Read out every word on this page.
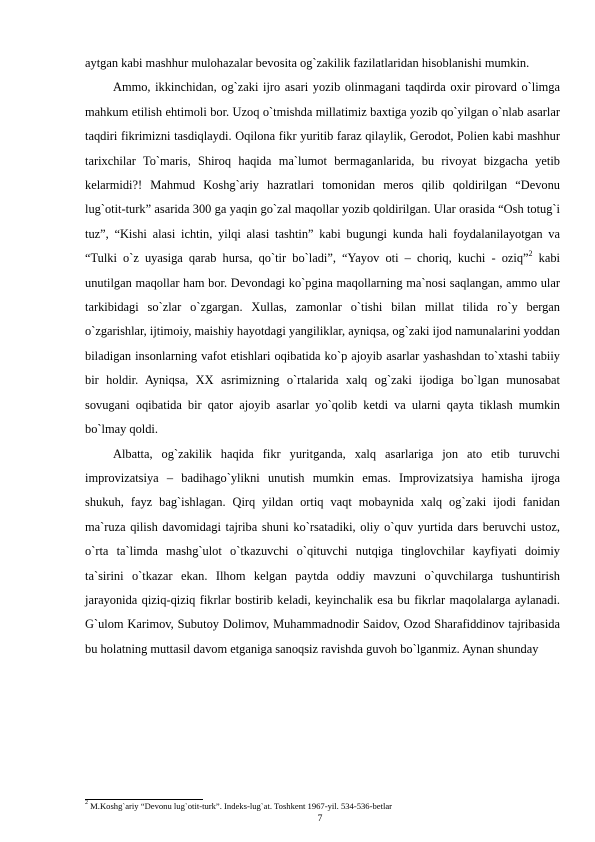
aytgan kabi mashhur mulohazalar bevosita og`zakilik fazilatlaridan hisoblanishi mumkin.

Ammo, ikkinchidan, og`zaki ijro asari yozib olinmagani taqdirda oxir pirovard o`limga mahkum etilish ehtimoli bor. Uzoq o`tmishda millatimiz baxtiga yozib qo`yilgan o`nlab asarlar taqdiri fikrimizni tasdiqlaydi. Oqilona fikr yuritib faraz qilaylik, Gerodot, Polien kabi mashhur tarixchilar To`maris, Shiroq haqida ma`lumot bermaganlarida, bu rivoyat bizgacha yetib kelarmidi?! Mahmud Koshg`ariy hazratlari tomonidan meros qilib qoldirilgan “Devonu lug`otit-turk” asarida 300 ga yaqin go`zal maqollar yozib qoldirilgan. Ular orasida “Osh totug`i tuz”, “Kishi alasi ichtin, yilqi alasi tashtin” kabi bugungi kunda hali foydalanilayotgan va “Tulki o`z uyasiga qarab hursa, qo`tir bo`ladi”, “Yayov oti – choriq, kuchi - oziq”$^2$ kabi unutilgan maqollar ham bor. Devondagi ko`pgina maqollarning ma`nosi saqlangan, ammo ular tarkibidagi so`zlar o`zgargan. Xullas, zamonlar o`tishi bilan millat tilida ro`y bergan o`zgarishlar, ijtimoiy, maishiy hayotdagi yangiliklar, ayniqsa, og`zaki ijod namunalarini yoddan biladigan insonlarning vafot etishlari oqibatida ko`p ajoyib asarlar yashashdan to`xtashi tabiiy bir holdir. Ayniqsa, XX asrimizning o`rtalarida xalq og`zaki ijodiga bo`lgan munosabat sovugani oqibatida bir qator ajoyib asarlar yo`qolib ketdi va ularni qayta tiklash mumkin bo`lmay qoldi.

Albatta, og`zakilik haqida fikr yuritganda, xalq asarlariga jon ato etib turuvchi improvizatsiya – badihago`ylikni unutish mumkin emas. Improvizatsiya hamisha ijroga shukuh, fayz bag`ishlagan. Qirq yildan ortiq vaqt mobaynida xalq og`zaki ijodi fanidan ma`ruza qilish davomidagi tajriba shuni ko`rsatadiki, oliy o`quv yurtida dars beruvchi ustoz, o`rta ta`limda mashg`ulot o`tkazuvchi o`qituvchi nutqiga tinglovchilar kayfiyati doimiy ta`sirini o`tkazar ekan. Ilhom kelgan paytda oddiy mavzuni o`quvchilarga tushuntirish jarayonida qiziq-qiziq fikrlar bostirib keladi, keyinchalik esa bu fikrlar maqolalarga aylanadi. G`ulom Karimov, Subutoy Dolimov, Muhammadnodir Saidov, Ozod Sharafiddinov tajribasida bu holatning muttasil davom etganiga sanoqsiz ravishda guvoh bo`lganmiz. Aynan shunday

$^2$ M.Koshg`ariy “Devonu lug`otit-turk”. Indeks-lug`at. Toshkent 1967-yil. 534-536-betlar
7
